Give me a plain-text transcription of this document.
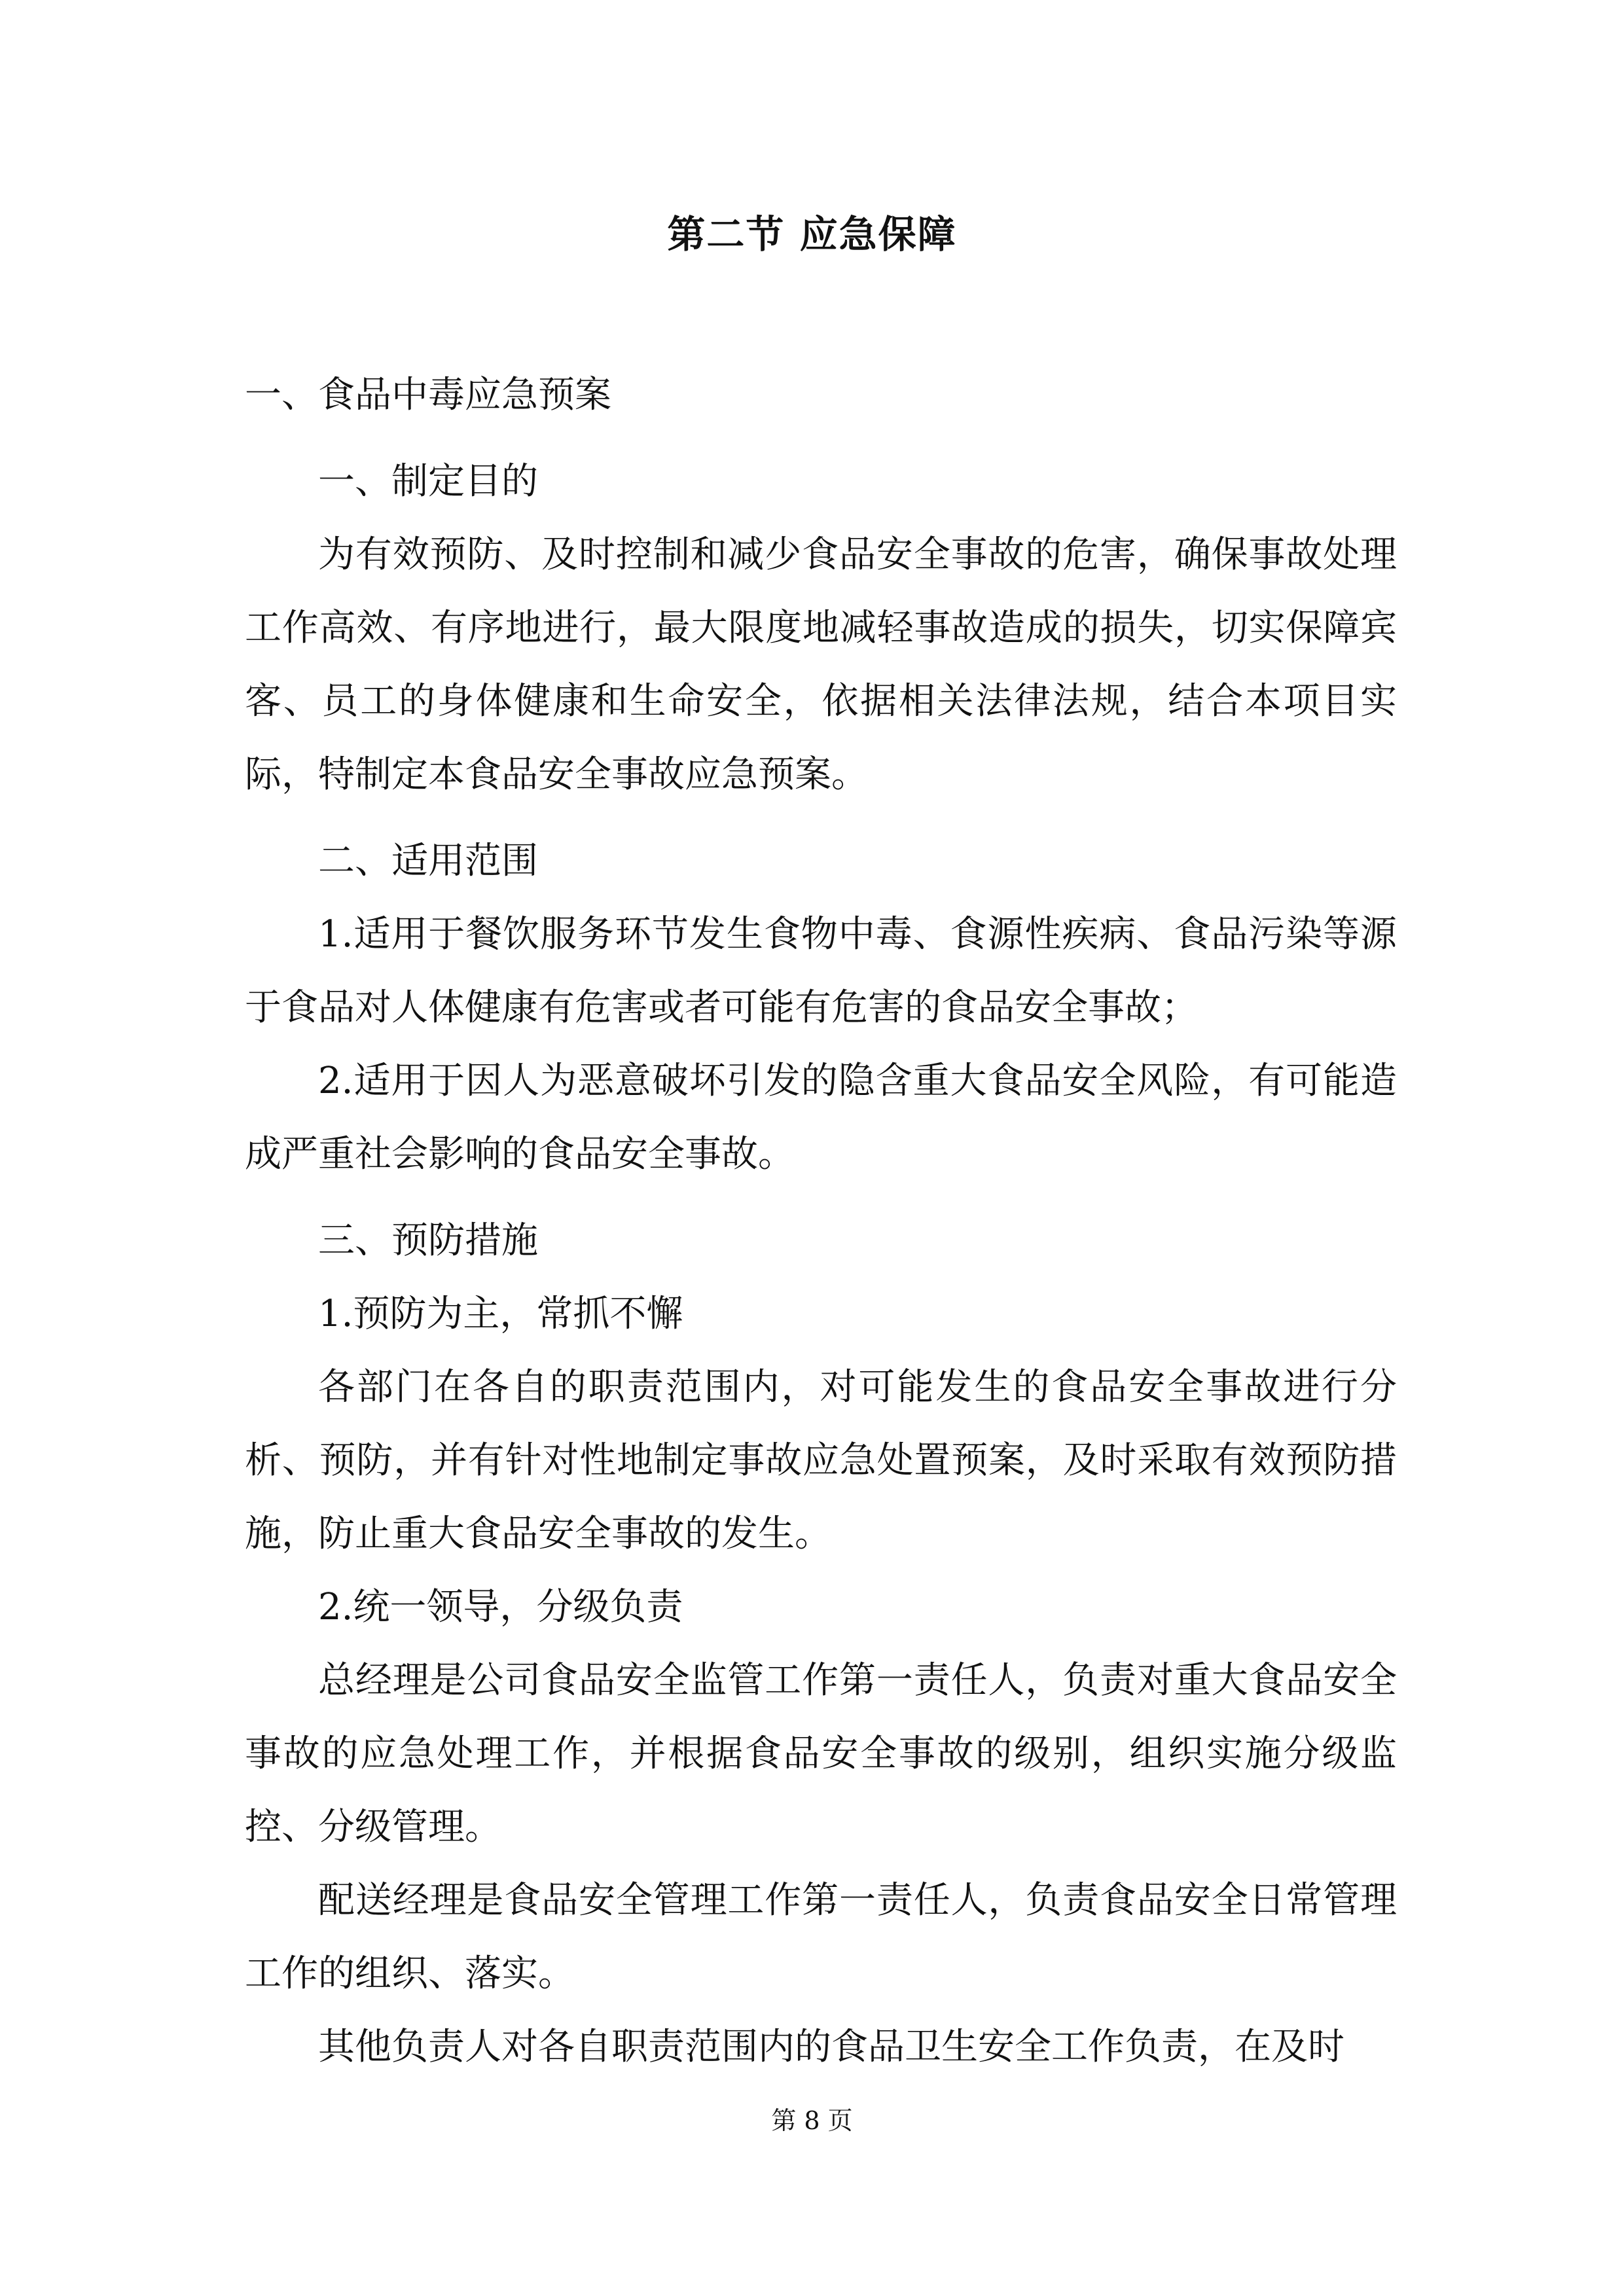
第二节 应急保障

一、食品中毒应急预案

一、制定目的

为有效预防、及时控制和减少食品安全事故的危害，确保事故处理工作高效、有序地进行，最大限度地减轻事故造成的损失，切实保障宾客、员工的身体健康和生命安全，依据相关法律法规，结合本项目实际，特制定本食品安全事故应急预案。

二、适用范围

1.适用于餐饮服务环节发生食物中毒、食源性疾病、食品污染等源于食品对人体健康有危害或者可能有危害的食品安全事故；

2.适用于因人为恶意破坏引发的隐含重大食品安全风险，有可能造成严重社会影响的食品安全事故。

三、预防措施

1.预防为主，常抓不懈

各部门在各自的职责范围内，对可能发生的食品安全事故进行分析、预防，并有针对性地制定事故应急处置预案，及时采取有效预防措施，防止重大食品安全事故的发生。

2.统一领导，分级负责

总经理是公司食品安全监管工作第一责任人，负责对重大食品安全事故的应急处理工作，并根据食品安全事故的级别，组织实施分级监控、分级管理。

配送经理是食品安全管理工作第一责任人，负责食品安全日常管理工作的组织、落实。

其他负责人对各自职责范围内的食品卫生安全工作负责，在及时

第 8 页
